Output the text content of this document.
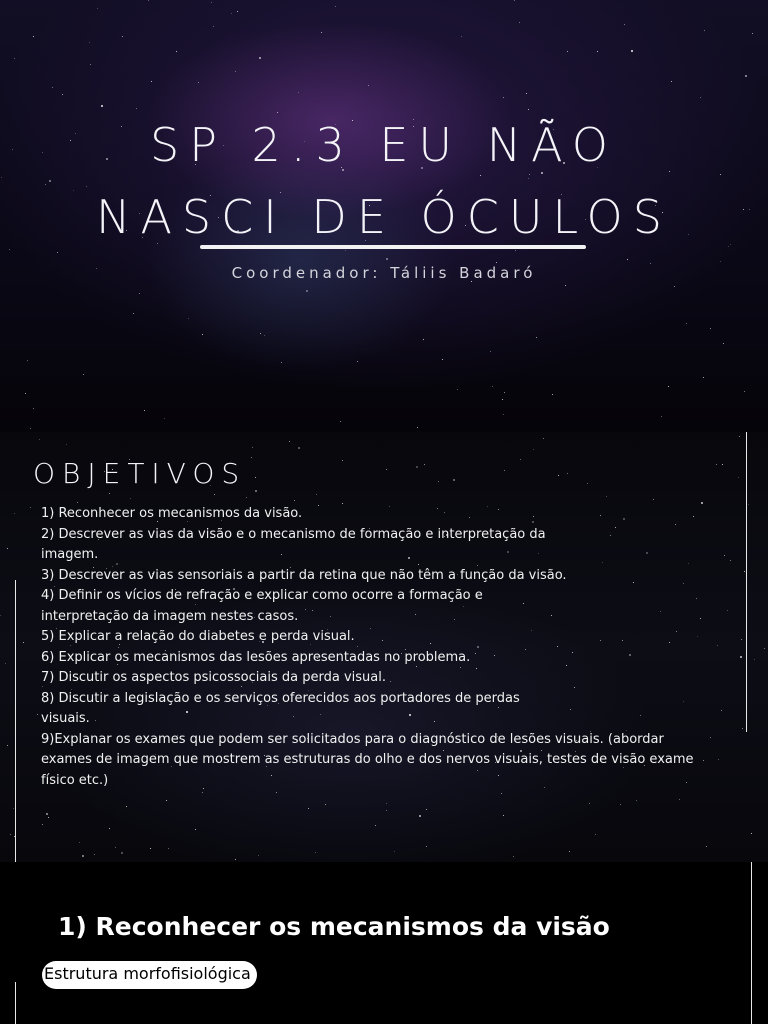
SP 2.3 EU NÃO
NASCI DE ÓCULOS
Coordenador: Táliis Badaró
OBJETIVOS
1) Reconhecer os mecanismos da visão.
2) Descrever as vias da visão e o mecanismo de formação e interpretação da
imagem.
3) Descrever as vias sensoriais a partir da retina que não têm a função da visão.
4) Definir os vícios de refração e explicar como ocorre a formação e
interpretação da imagem nestes casos.
5) Explicar a relação do diabetes e perda visual.
6) Explicar os mecanismos das lesões apresentadas no problema.
7) Discutir os aspectos psicossociais da perda visual.
8) Discutir a legislação e os serviços oferecidos aos portadores de perdas
visuais.
9)Explanar os exames que podem ser solicitados para o diagnóstico de lesões visuais. (abordar
exames de imagem que mostrem as estruturas do olho e dos nervos visuais, testes de visão exame
físico etc.)
1) Reconhecer os mecanismos da visão
Estrutura morfofisiológica
